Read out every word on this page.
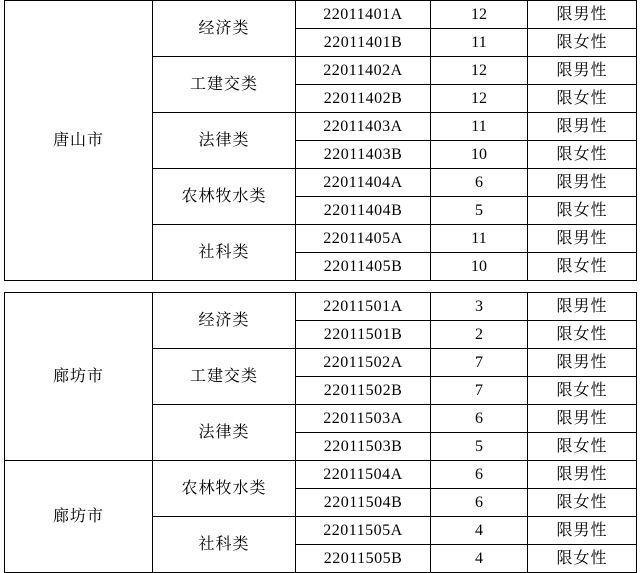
唐山市	经济类	22011401A	12	限男性
		22011401B	11	限女性
	工建交类	22011402A	12	限男性
		22011402B	12	限女性
	法律类	22011403A	11	限男性
		22011403B	10	限女性
	农林牧水类	22011404A	6	限男性
		22011404B	5	限女性
	社科类	22011405A	11	限男性
		22011405B	10	限女性
廊坊市	经济类	22011501A	3	限男性
		22011501B	2	限女性
	工建交类	22011502A	7	限男性
		22011502B	7	限女性
	法律类	22011503A	6	限男性
		22011503B	5	限女性
廊坊市	农林牧水类	22011504A	6	限男性
		22011504B	6	限女性
	社科类	22011505A	4	限男性
		22011505B	4	限女性
